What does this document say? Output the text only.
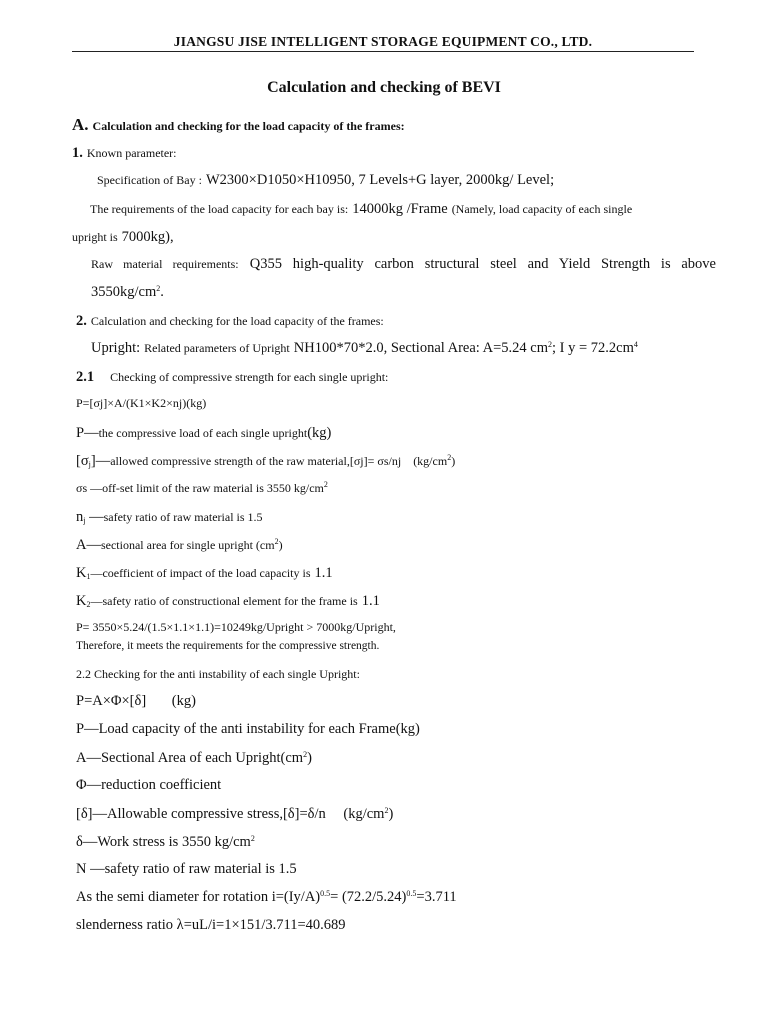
JIANGSU JISE INTELLIGENT STORAGE EQUIPMENT CO., LTD.
Calculation and checking of BEVI
A. Calculation and checking for the load capacity of the frames:
1. Known parameter:
Specification of Bay : W2300×D1050×H10950, 7 Levels+G layer, 2000kg/ Level;
The requirements of the load capacity for each bay is: 14000kg /Frame (Namely, load capacity of each single
upright is 7000kg),
Raw material requirements: Q355 high-quality carbon structural steel and Yield Strength is above
$3550kg/cm^2$.
2. Calculation and checking for the load capacity of the frames:
Upright: Related parameters of Upright NH100*70*2.0, Sectional Area: A=5.24 $cm^2$; I $y = 72.2cm^4$
2.1 Checking of compressive strength for each single upright:
P=[σj]×A/(K1×K2×nj)(kg)
P—the compressive load of each single upright(kg)
$[\sigma_j]—allowed$ compressive strength of the raw material,[σj]= σs/nj $(kg/cm^2)$
σs —off-set limit of the raw material is 3550 $kg/cm^2$
$n_j$ —safety ratio of raw material is 1.5
A—sectional area for single upright $(cm^2)$
$K_1—coefficient$ of impact of the load capacity is 1.1
$K_2—safety$ ratio of constructional element for the frame is 1.1
P= 3550×5.24/(1.5×1.1×1.1)=10249kg/Upright > 7000kg/Upright,
Therefore, it meets the requirements for the compressive strength.
2.2 Checking for the anti instability of each single Upright:
P=A×Φ×[δ] (kg)
P—Load capacity of the anti instability for each Frame(kg)
A—Sectional Area of each $Upright(cm^2)$
Φ—reduction coefficient
[δ]—Allowable compressive stress,[δ]=δ/n $(kg/cm^2)$
δ—Work stress is 3550 $kg/cm^2$
N —safety ratio of raw material is 1.5
As the semi diameter for rotation $i=(Iy/A)^{0.5}= (72.2/5.24)^{0.5}=3.711$
slenderness ratio λ=uL/i=1×151/3.711=40.689
